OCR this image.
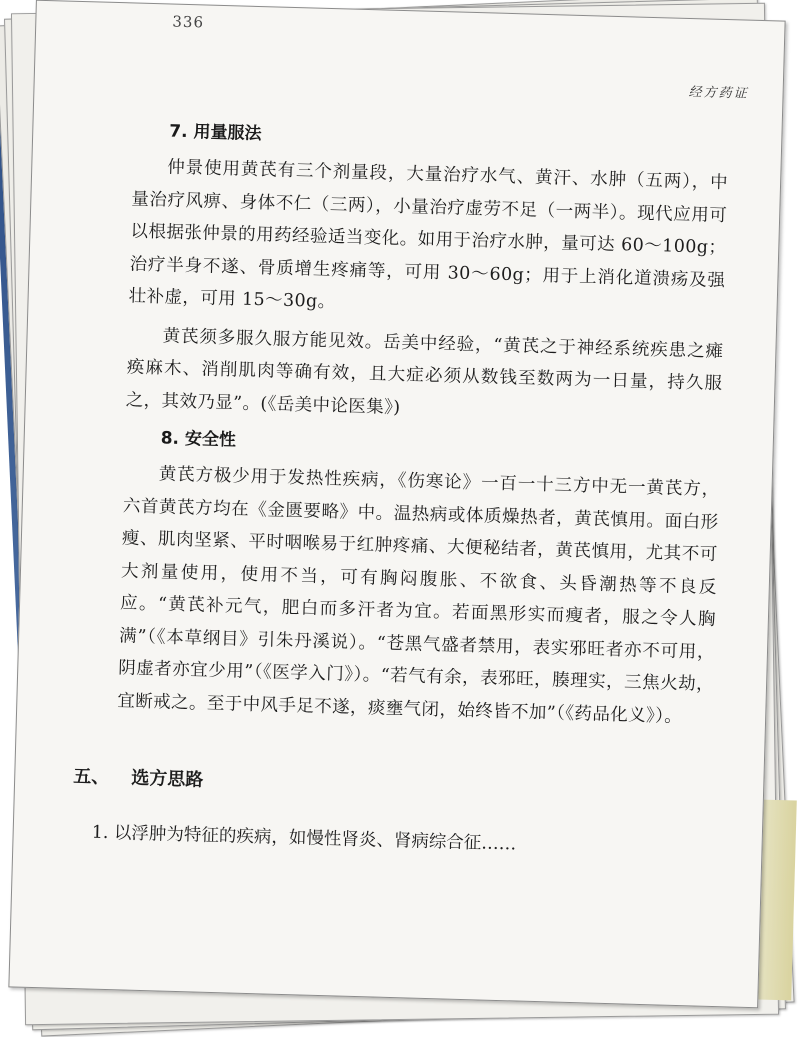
336
经方药证
7. 用量服法

仲景使用黄芪有三个剂量段，大量治疗水气、黄汗、水肿（五两），中量治疗风痹、身体不仁（三两），小量治疗虚劳不足（一两半）。现代应用可以根据张仲景的用药经验适当变化。如用于治疗水肿，量可达 60～100g；治疗半身不遂、骨质增生疼痛等，可用 30～60g；用于上消化道溃疡及强壮补虚，可用 15～30g。

黄芪须多服久服方能见效。岳美中经验，“黄芪之于神经系统疾患之瘫痪麻木、消削肌肉等确有效，且大症必须从数钱至数两为一日量，持久服之，其效乃显”。(《岳美中论医集》)

8. 安全性

黄芪方极少用于发热性疾病，《伤寒论》一百一十三方中无一黄芪方，六首黄芪方均在《金匮要略》中。温热病或体质燥热者，黄芪慎用。面白形瘦、肌肉坚紧、平时咽喉易于红肿疼痛、大便秘结者，黄芪慎用，尤其不可大剂量使用，使用不当，可有胸闷腹胀、不欲食、头昏潮热等不良反应。“黄芪补元气，肥白而多汗者为宜。若面黑形实而瘦者，服之令人胸满”（《本草纲目》引朱丹溪说）。“苍黑气盛者禁用，表实邪旺者亦不可用，阴虚者亦宜少用”（《医学入门》）。“若气有余，表邪旺，腠理实，三焦火劫，宜断戒之。至于中风手足不遂，痰壅气闭，始终皆不加”（《药品化义》）。

五、 选方思路
1. 以浮肿为特征的疾病，如慢性肾炎、肾病综合征……
